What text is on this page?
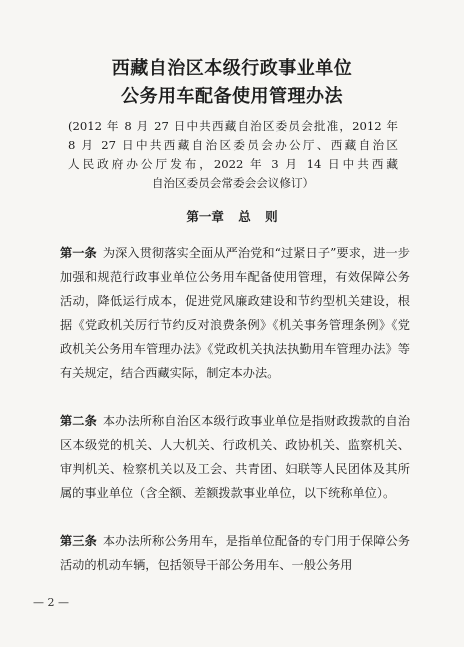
西藏自治区本级行政事业单位
公务用车配备使用管理办法
(2012 年 8 月 27 日中共西藏自治区委员会批准，2012 年
8 月 27 日中共西藏自治区委员会办公厅、西藏自治区
人民政府办公厅发布，2022 年 3 月 14 日中共西藏
自治区委员会常委会会议修订）
第一章 总 则
第一条 为深入贯彻落实全面从严治党和“过紧日子”要求，进一步加强和规范行政事业单位公务用车配备使用管理，有效保障公务活动，降低运行成本，促进党风廉政建设和节约型机关建设，根据《党政机关厉行节约反对浪费条例》《机关事务管理条例》《党政机关公务用车管理办法》《党政机关执法执勤用车管理办法》等有关规定，结合西藏实际，制定本办法。
第二条 本办法所称自治区本级行政事业单位是指财政拨款的自治区本级党的机关、人大机关、行政机关、政协机关、监察机关、审判机关、检察机关以及工会、共青团、妇联等人民团体及其所属的事业单位（含全额、差额拨款事业单位，以下统称单位）。
第三条 本办法所称公务用车，是指单位配备的专门用于保障公务活动的机动车辆，包括领导干部公务用车、一般公务用
— 2 —
